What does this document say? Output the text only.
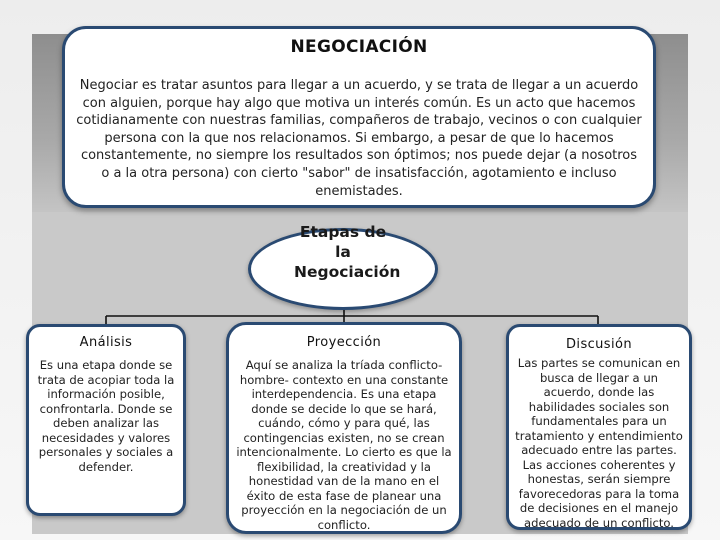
NEGOCIACIÓN
Negociar es tratar asuntos para llegar a un acuerdo, y se trata de llegar a un acuerdo con alguien, porque hay algo que motiva un interés común. Es un acto que hacemos cotidianamente con nuestras familias, compañeros de trabajo, vecinos o con cualquier persona con la que nos relacionamos. Si embargo, a pesar de que lo hacemos constantemente, no siempre los resultados son óptimos; nos puede dejar (a nosotros o a la otra persona) con cierto "sabor" de insatisfacción, agotamiento e incluso enemistades.
Etapas de la Negociación
Análisis
Es una etapa donde se trata de acopiar toda la información posible, confrontarla. Donde se deben analizar las necesidades y valores personales y sociales a defender.
Proyección
Aquí se analiza la tríada conflicto-hombre- contexto en una constante interdependencia. Es una etapa donde se decide lo que se hará, cuándo, cómo y para qué, las contingencias existen, no se crean intencionalmente. Lo cierto es que la flexibilidad, la creatividad y la honestidad van de la mano en el éxito de esta fase de planear una proyección en la negociación de un conflicto.
Discusión
Las partes se comunican en busca de llegar a un acuerdo, donde las habilidades sociales son fundamentales para un tratamiento y entendimiento adecuado entre las partes. Las acciones coherentes y honestas, serán siempre favorecedoras para la toma de decisiones en el manejo adecuado de un conflicto.
